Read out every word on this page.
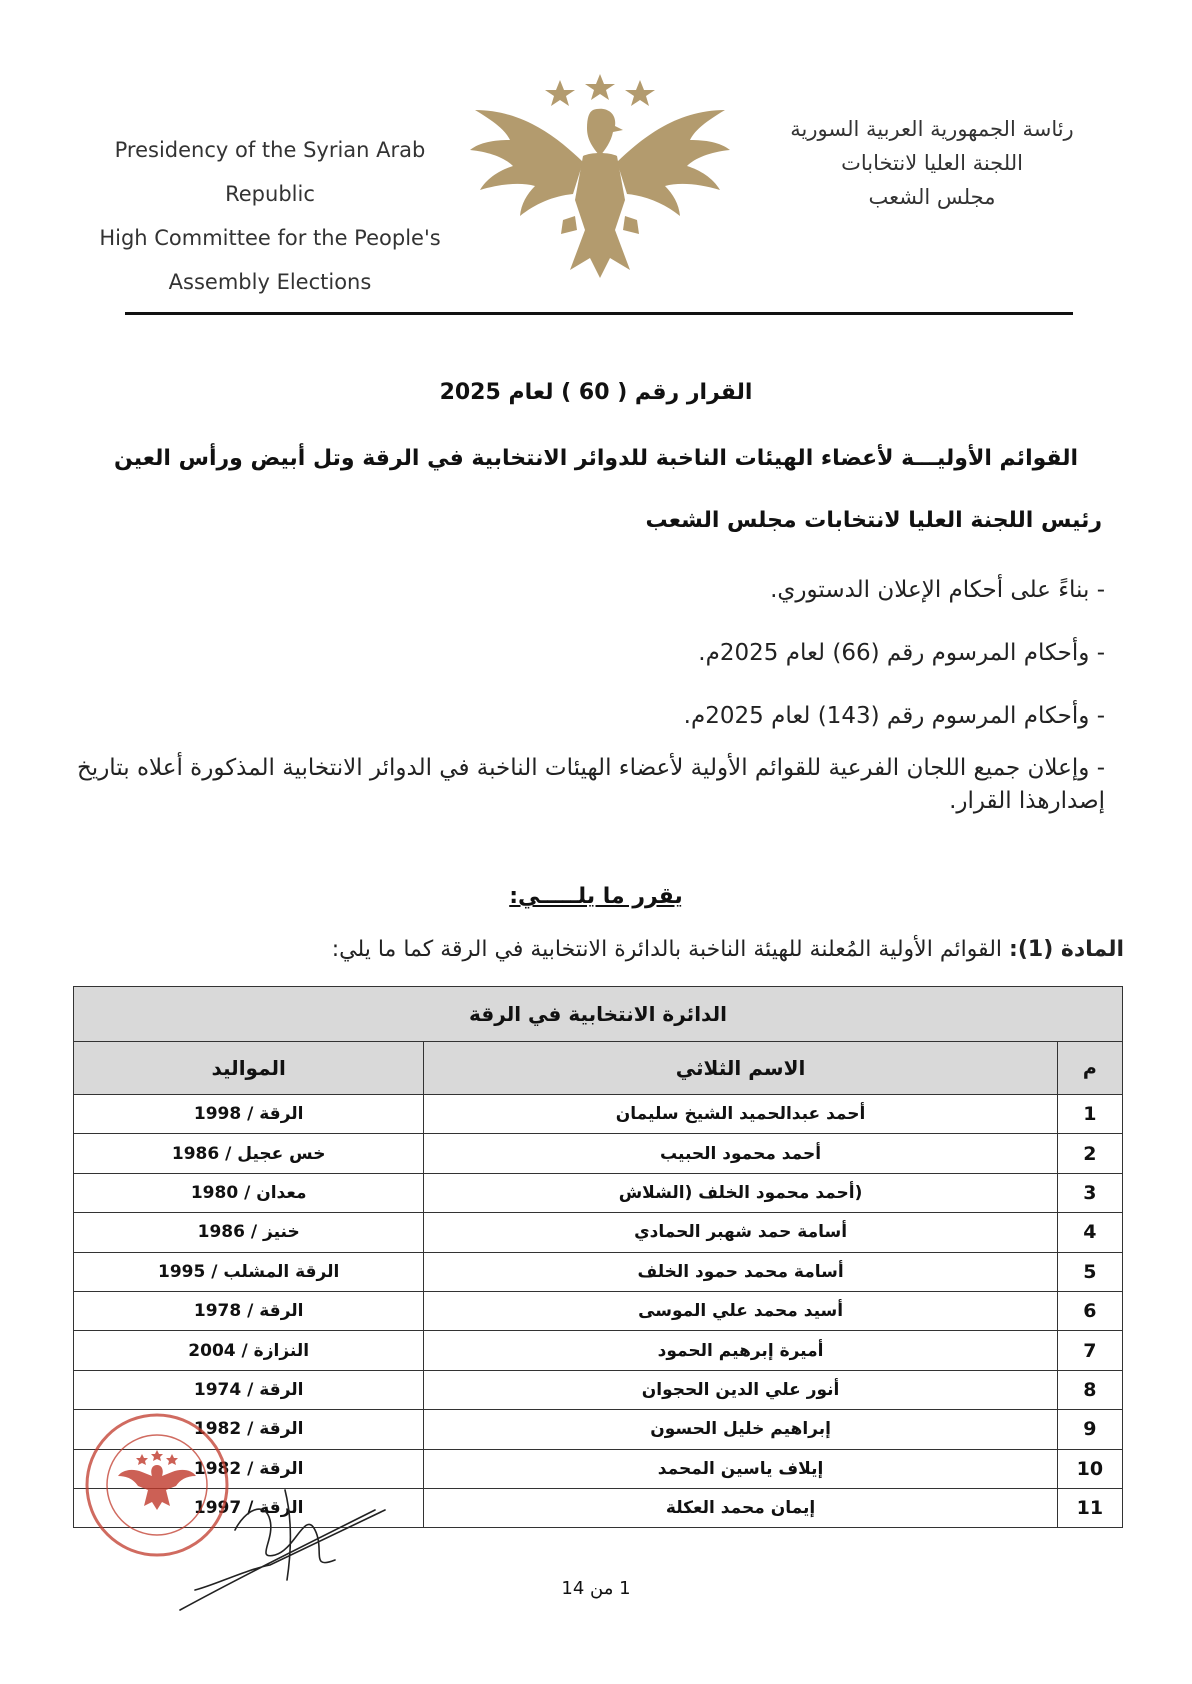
Presidency of the Syrian Arab Republic
High Committee for the People's
Assembly Elections
رئاسة الجمهورية العربية السورية
اللجنة العليا لانتخابات
مجلس الشعب
القرار رقم ( 60 ) لعام 2025
القوائم الأوليـــة لأعضاء الهيئات الناخبة للدوائر الانتخابية في الرقة وتل أبيض ورأس العين
رئيس اللجنة العليا لانتخابات مجلس الشعب
- بناءً على أحكام الإعلان الدستوري.
- وأحكام المرسوم رقم (66) لعام 2025م.
- وأحكام المرسوم رقم (143) لعام 2025م.
- وإعلان جميع اللجان الفرعية للقوائم الأولية لأعضاء الهيئات الناخبة في الدوائر الانتخابية المذكورة أعلاه بتاريخ إصدارهذا القرار.
يقرر ما يلـــــي:
المادة (1): القوائم الأولية المُعلنة للهيئة الناخبة بالدائرة الانتخابية في الرقة كما ما يلي:
الدائرة الانتخابية في الرقة		
م	الاسم الثلاثي	المواليد
1	أحمد عبدالحميد الشيخ سليمان	الرقة / 1998
2	أحمد محمود الحبيب	خس عجيل / 1986
3	(أحمد محمود الخلف (الشلاش	معدان / 1980
4	أسامة حمد شهبر الحمادي	خنيز / 1986
5	أسامة محمد حمود الخلف	الرقة المشلب / 1995
6	أسيد محمد علي الموسى	الرقة / 1978
7	أميرة إبرهيم الحمود	النزازة / 2004
8	أنور علي الدين الحجوان	الرقة / 1974
9	إبراهيم خليل الحسون	الرقة / 1982
10	إيلاف ياسين المحمد	الرقة / 1982
11	إيمان محمد العكلة	الرقة / 1997
1 من 14
